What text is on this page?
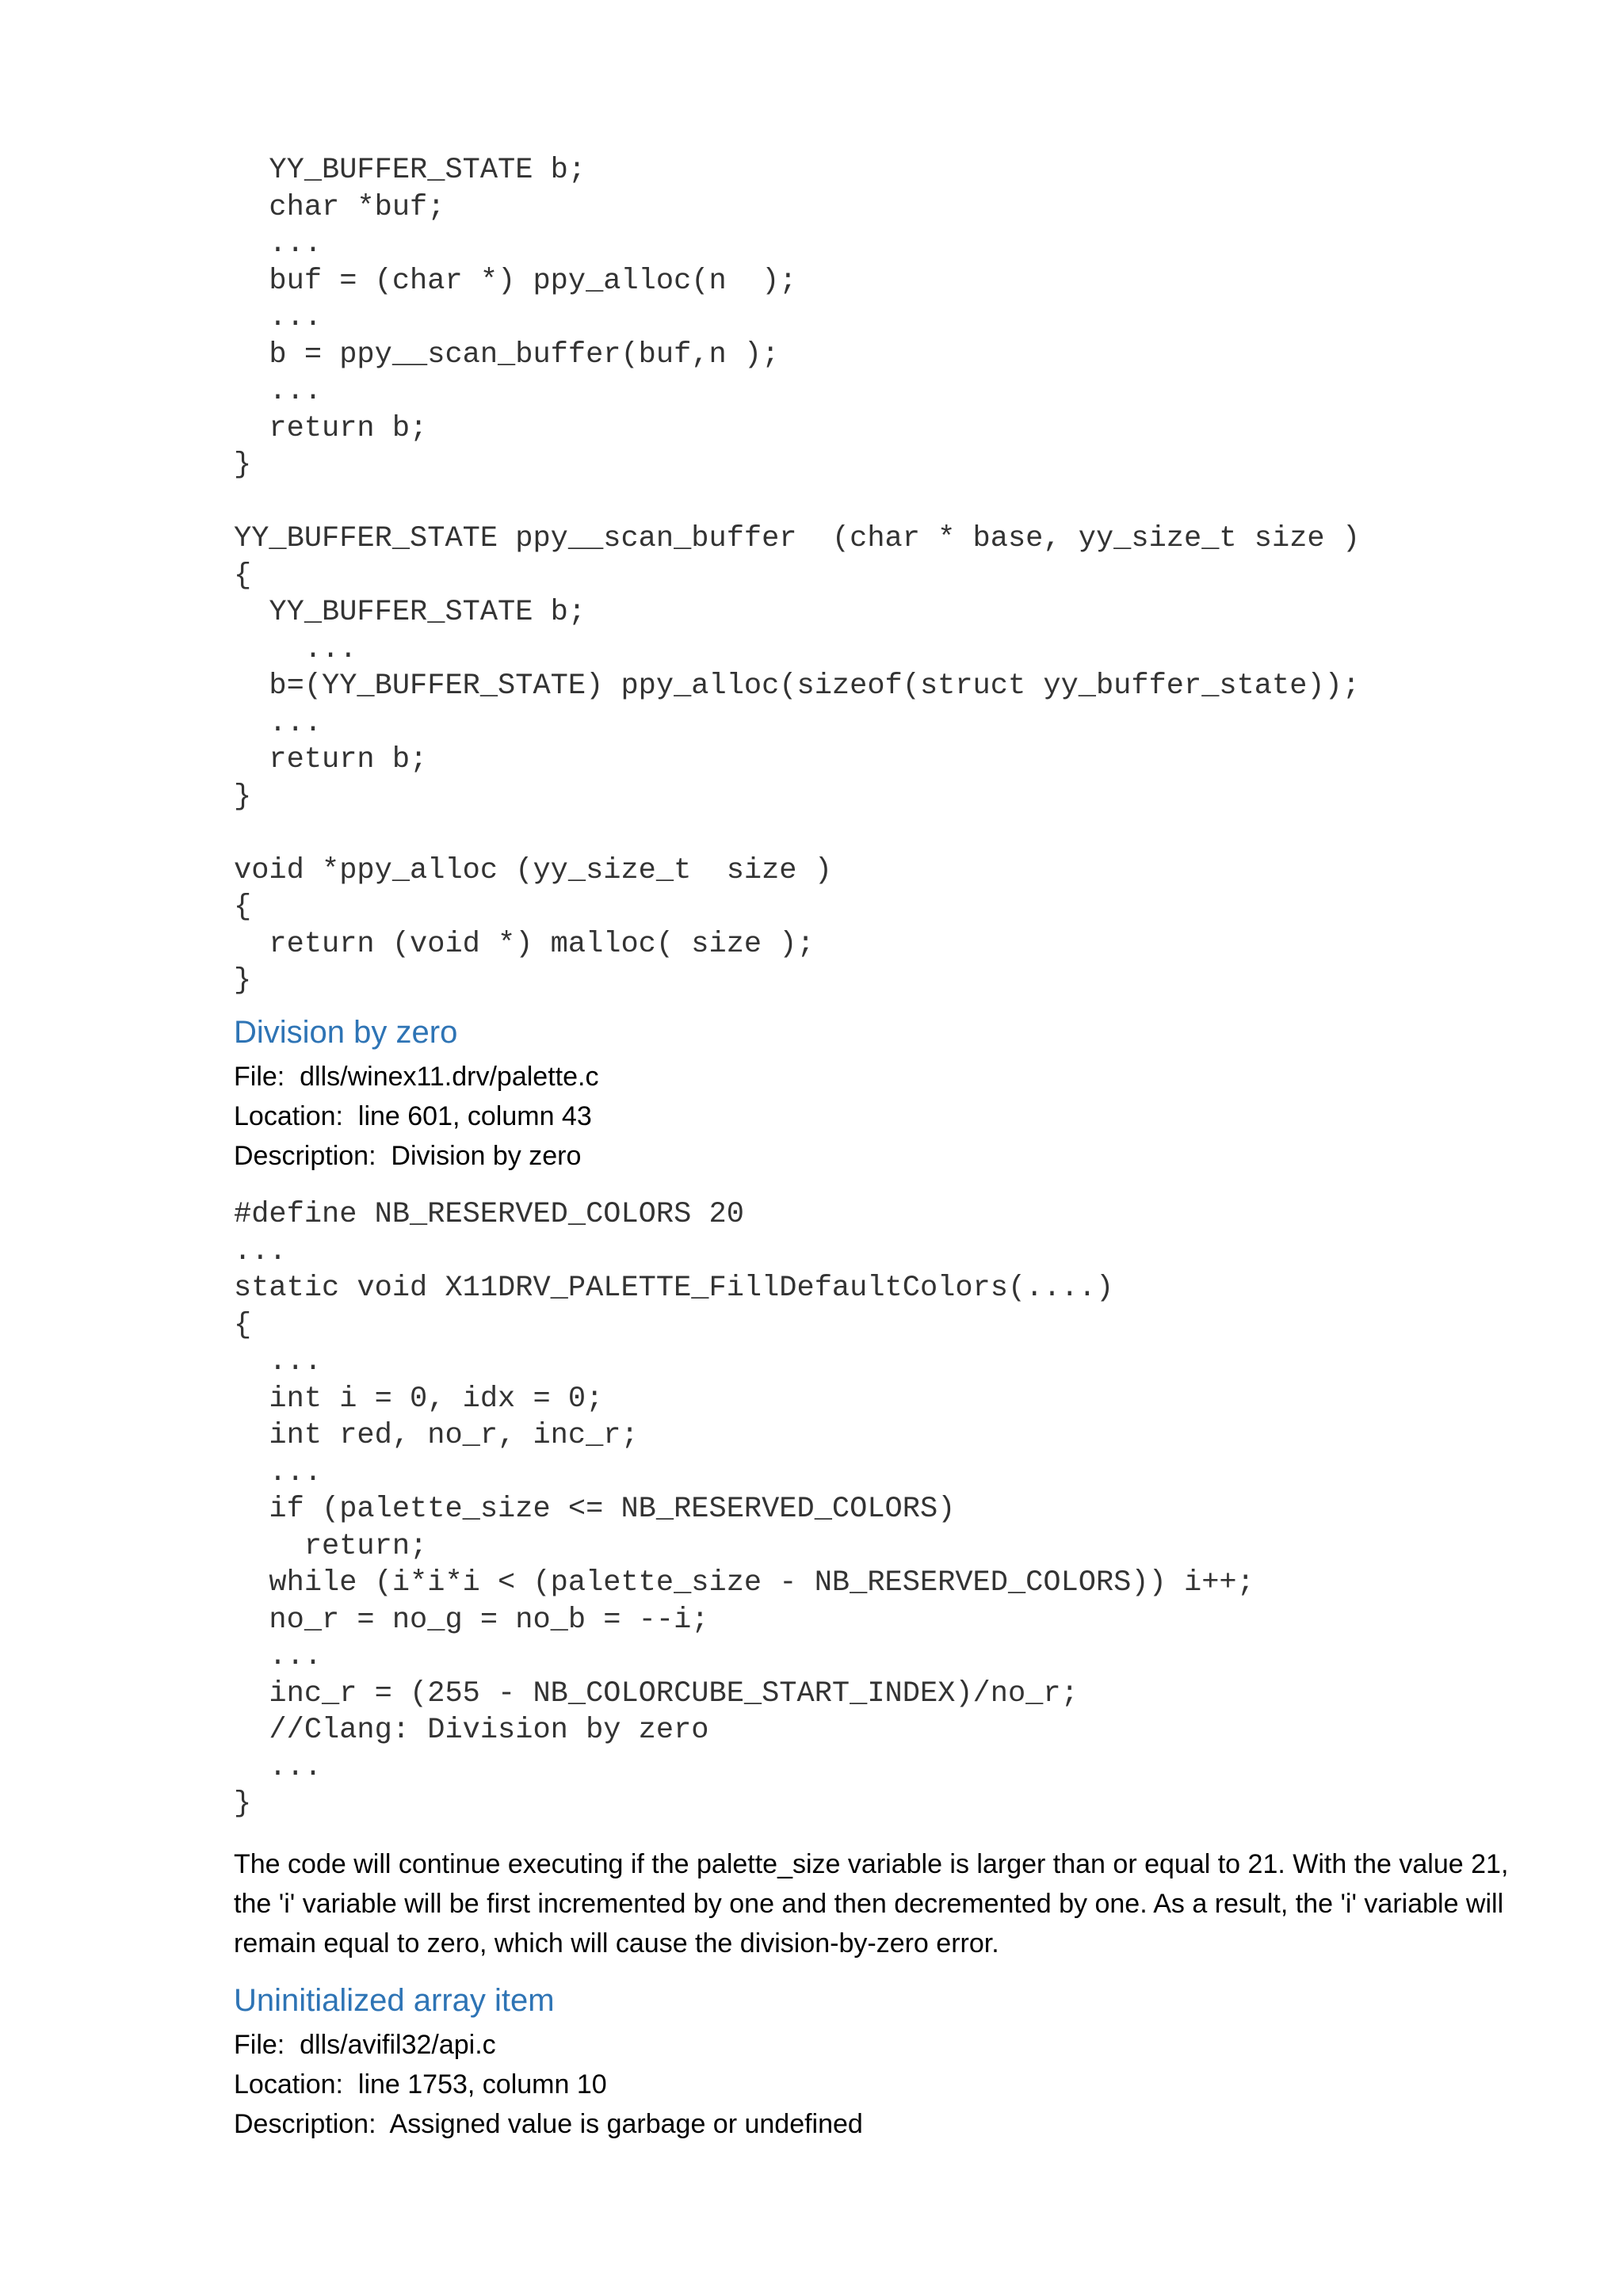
YY_BUFFER_STATE b;
char *buf;
...
buf = (char *) ppy_alloc(n  );
...
b = ppy__scan_buffer(buf,n );
...
return b;
}

YY_BUFFER_STATE ppy__scan_buffer  (char * base, yy_size_t size )
{
YY_BUFFER_STATE b;
...
b=(YY_BUFFER_STATE) ppy_alloc(sizeof(struct yy_buffer_state));
...
return b;
}

void *ppy_alloc (yy_size_t  size )
{
return (void *) malloc( size );
}
Division by zero
File:  dlls/winex11.drv/palette.c
Location:  line 601, column 43
Description:  Division by zero
#define NB_RESERVED_COLORS 20
...
static void X11DRV_PALETTE_FillDefaultColors(....)
{
...
int i = 0, idx = 0;
int red, no_r, inc_r;
...
if (palette_size <= NB_RESERVED_COLORS)
return;
while (i*i*i < (palette_size - NB_RESERVED_COLORS)) i++;
no_r = no_g = no_b = --i;
...
inc_r = (255 - NB_COLORCUBE_START_INDEX)/no_r;
//Clang: Division by zero
...
}

The code will continue executing if the palette_size variable is larger than or equal to 21. With the value 21, the 'i' variable will be first incremented by one and then decremented by one. As a result, the 'i' variable will remain equal to zero, which will cause the division-by-zero error.

Uninitialized array item
File:  dlls/avifil32/api.c
Location:  line 1753, column 10
Description:  Assigned value is garbage or undefined
